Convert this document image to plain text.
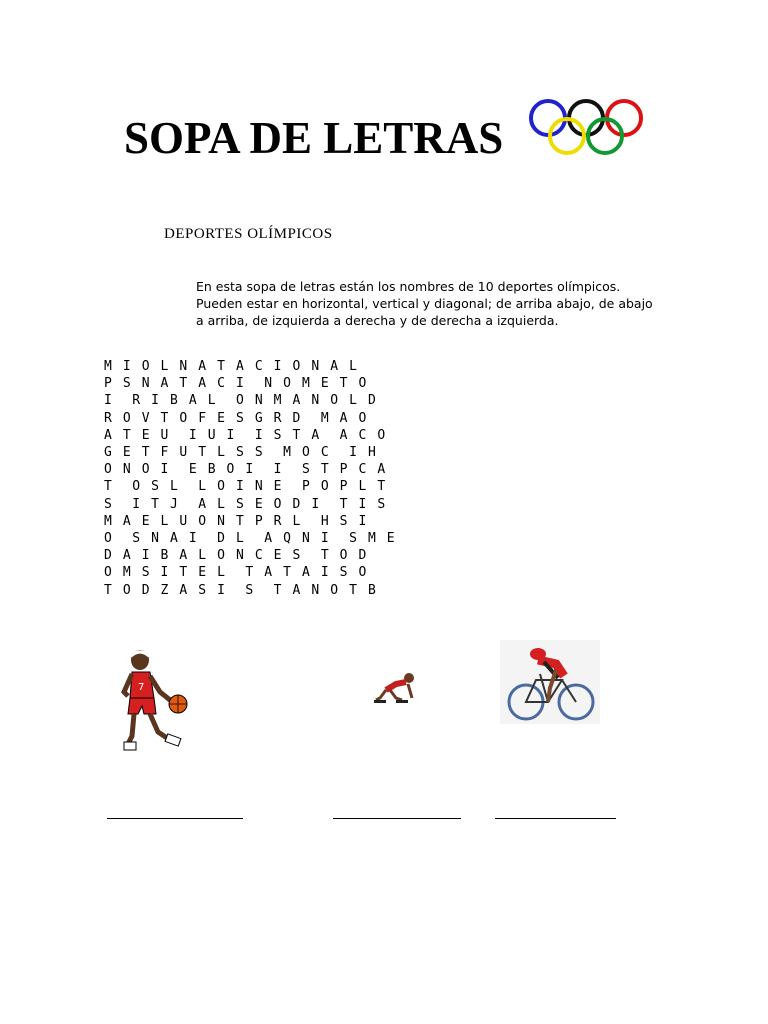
SOPA DE LETRAS
DEPORTES OLÍMPICOS
En esta sopa de letras están los nombres de 10 deportes olímpicos.
Pueden estar en horizontal, vertical y diagonal; de arriba abajo, de abajo
a arriba, de izquierda a derecha y de derecha a izquierda.
M I O L N A T A C I O N A L
P S N A T A C I  N O M E T O
I  R I B A L  O N M A N O L D
R O V T O F E S G R D  M A O
A T E U  I U I  I S T A  A C O
G E T F U T L S S  M O C  I H
O N O I  E B O I  I  S T P C A
T  O S L  L O I N E  P O P L T
S  I T J  A L S E O D I  T I S
M A E L U O N T P R L  H S I
O  S N A I  D L  A Q N I  S M E
D A I B A L O N C E S  T O D
O M S I T E L  T A T A I S O
T O D Z A S I  S  T A N O T B
7
